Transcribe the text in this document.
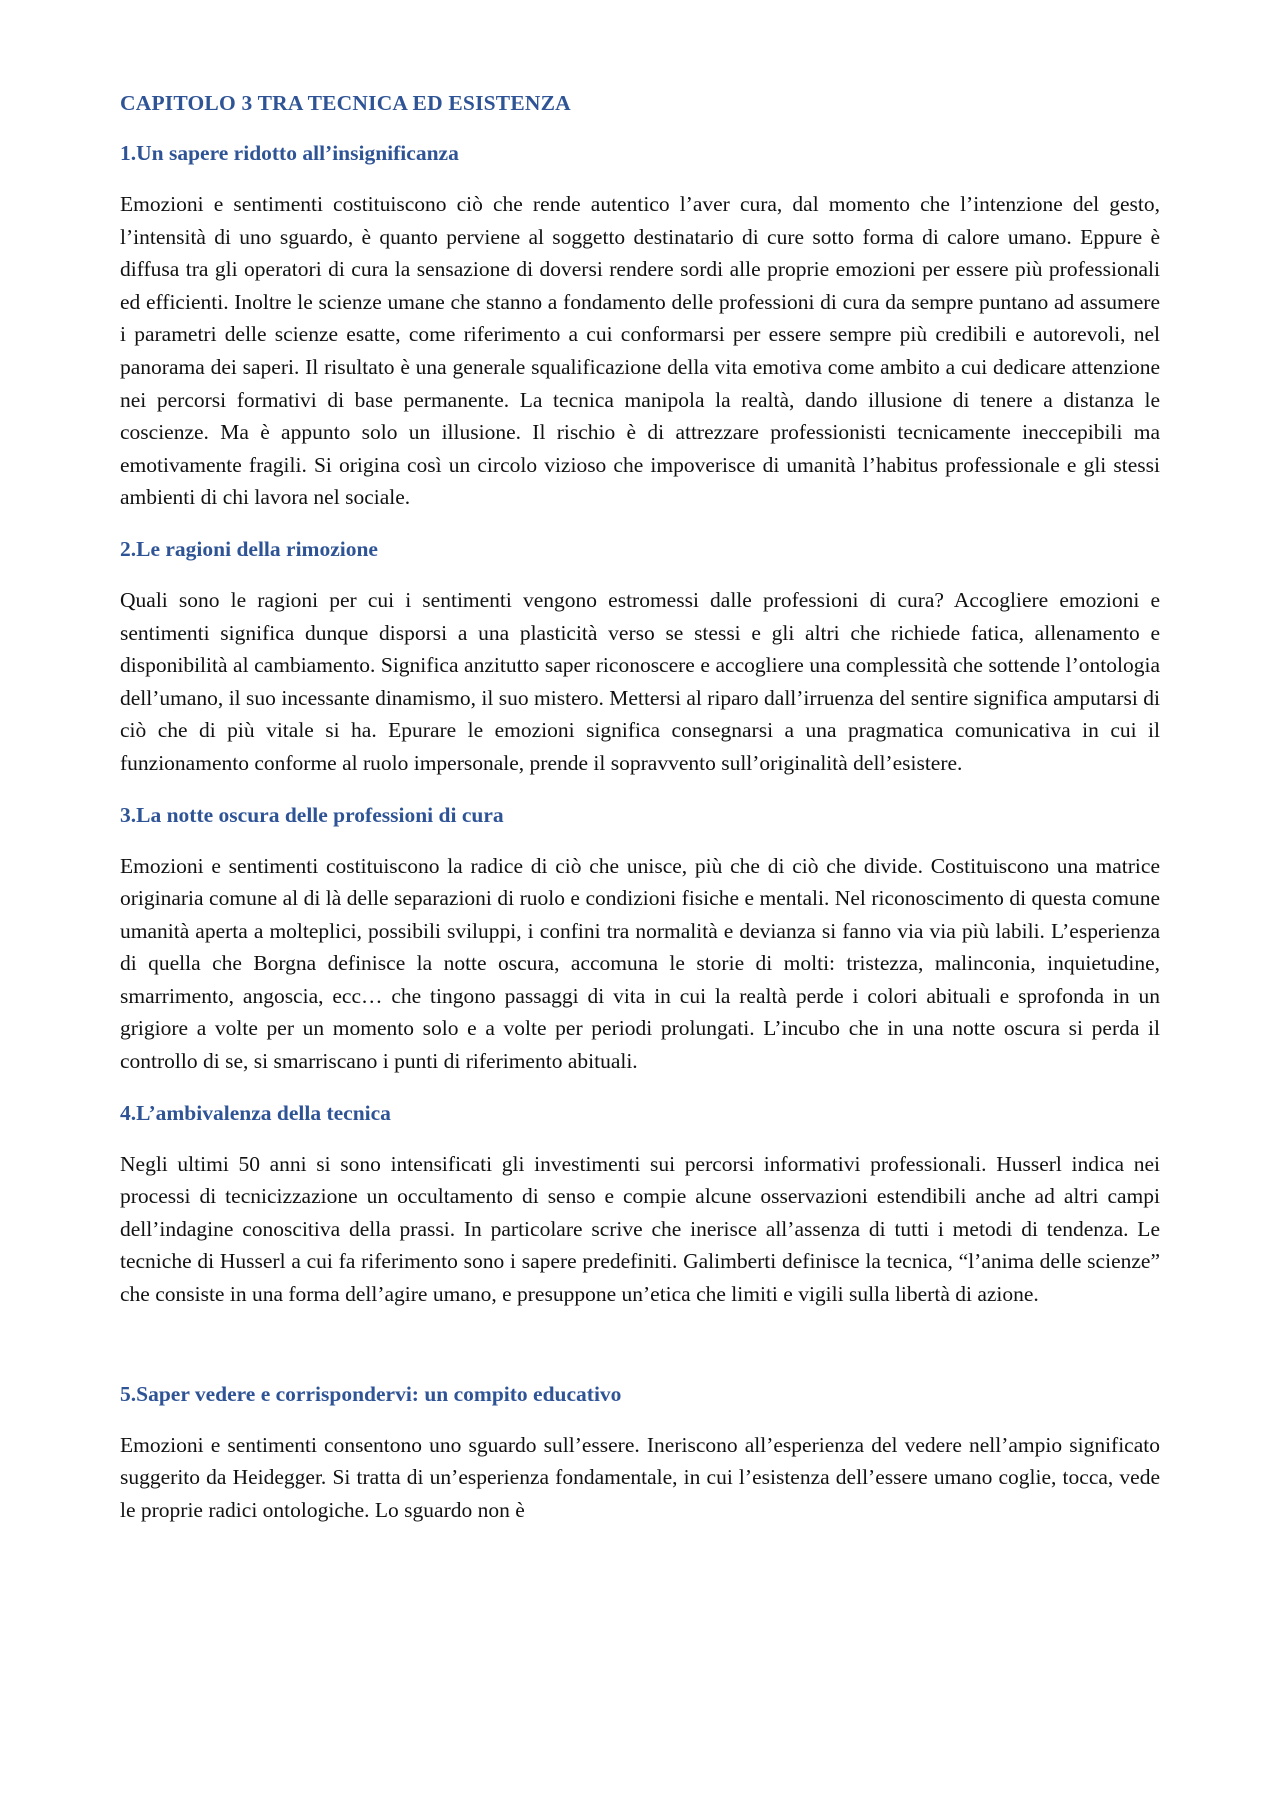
CAPITOLO 3 TRA TECNICA ED ESISTENZA
1.Un sapere ridotto all’insignificanza

Emozioni e sentimenti costituiscono ciò che rende autentico l’aver cura, dal momento che l’intenzione del gesto, l’intensità di uno sguardo, è quanto perviene al soggetto destinatario di cure sotto forma di calore umano. Eppure è diffusa tra gli operatori di cura la sensazione di doversi rendere sordi alle proprie emozioni per essere più professionali ed efficienti. Inoltre le scienze umane che stanno a fondamento delle professioni di cura da sempre puntano ad assumere i parametri delle scienze esatte, come riferimento a cui conformarsi per essere sempre più credibili e autorevoli, nel panorama dei saperi. Il risultato è una generale squalificazione della vita emotiva come ambito a cui dedicare attenzione nei percorsi formativi di base permanente. La tecnica manipola la realtà, dando illusione di tenere a distanza le coscienze. Ma è appunto solo un illusione. Il rischio è di attrezzare professionisti tecnicamente ineccepibili ma emotivamente fragili. Si origina così un circolo vizioso che impoverisce di umanità l’habitus professionale e gli stessi ambienti di chi lavora nel sociale.

2.Le ragioni della rimozione

Quali sono le ragioni per cui i sentimenti vengono estromessi dalle professioni di cura? Accogliere emozioni e sentimenti significa dunque disporsi a una plasticità verso se stessi e gli altri che richiede fatica, allenamento e disponibilità al cambiamento. Significa anzitutto saper riconoscere e accogliere una complessità che sottende l’ontologia dell’umano, il suo incessante dinamismo, il suo mistero. Mettersi al riparo dall’irruenza del sentire significa amputarsi di ciò che di più vitale si ha. Epurare le emozioni significa consegnarsi a una pragmatica comunicativa in cui il funzionamento conforme al ruolo impersonale, prende il sopravvento sull’originalità dell’esistere.

3.La notte oscura delle professioni di cura

Emozioni e sentimenti costituiscono la radice di ciò che unisce, più che di ciò che divide. Costituiscono una matrice originaria comune al di là delle separazioni di ruolo e condizioni fisiche e mentali. Nel riconoscimento di questa comune umanità aperta a molteplici, possibili sviluppi, i confini tra normalità e devianza si fanno via via più labili. L’esperienza di quella che Borgna definisce la notte oscura, accomuna le storie di molti: tristezza, malinconia, inquietudine, smarrimento, angoscia, ecc… che tingono passaggi di vita in cui la realtà perde i colori abituali e sprofonda in un grigiore a volte per un momento solo e a volte per periodi prolungati. L’incubo che in una notte oscura si perda il controllo di se, si smarriscano i punti di riferimento abituali.

4.L’ambivalenza della tecnica

Negli ultimi 50 anni si sono intensificati gli investimenti sui percorsi informativi professionali. Husserl indica nei processi di tecnicizzazione un occultamento di senso e compie alcune osservazioni estendibili anche ad altri campi dell’indagine conoscitiva della prassi. In particolare scrive che inerisce all’assenza di tutti i metodi di tendenza. Le tecniche di Husserl a cui fa riferimento sono i sapere predefiniti. Galimberti definisce la tecnica, “l’anima delle scienze” che consiste in una forma dell’agire umano, e presuppone un’etica che limiti e vigili sulla libertà di azione.

5.Saper vedere e corrispondervi: un compito educativo

Emozioni e sentimenti consentono uno sguardo sull’essere. Ineriscono all’esperienza del vedere nell’ampio significato suggerito da Heidegger. Si tratta di un’esperienza fondamentale, in cui l’esistenza dell’essere umano coglie, tocca, vede le proprie radici ontologiche. Lo sguardo non è
